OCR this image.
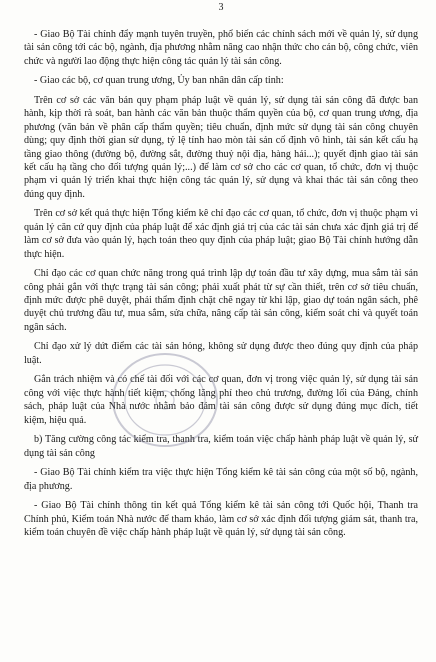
3

- Giao Bộ Tài chính đẩy mạnh tuyên truyền, phổ biến các chính sách mới về quản lý, sử dụng tài sản công tới các bộ, ngành, địa phương nhằm nâng cao nhận thức cho cán bộ, công chức, viên chức và người lao động thực hiện công tác quản lý tài sản công.

- Giao các bộ, cơ quan trung ương, Ủy ban nhân dân cấp tỉnh:

Trên cơ sở các văn bản quy phạm pháp luật về quản lý, sử dụng tài sản công đã được ban hành, kịp thời rà soát, ban hành các văn bản thuộc thẩm quyền của bộ, cơ quan trung ương, địa phương (văn bản về phân cấp thẩm quyền; tiêu chuẩn, định mức sử dụng tài sản công chuyên dùng; quy định thời gian sử dụng, tỷ lệ tính hao mòn tài sản cố định vô hình, tài sản kết cấu hạ tầng giao thông (đường bộ, đường sắt, đường thuỷ nội địa, hàng hải...); quyết định giao tài sản kết cấu hạ tầng cho đối tượng quản lý;...) để làm cơ sở cho các cơ quan, tổ chức, đơn vị thuộc phạm vi quản lý triển khai thực hiện công tác quản lý, sử dụng và khai thác tài sản công theo đúng quy định.

Trên cơ sở kết quả thực hiện Tổng kiểm kê chỉ đạo các cơ quan, tổ chức, đơn vị thuộc phạm vi quản lý căn cứ quy định của pháp luật để xác định giá trị của các tài sản chưa xác định giá trị để làm cơ sở đưa vào quản lý, hạch toán theo quy định của pháp luật; giao Bộ Tài chính hướng dẫn thực hiện.

Chỉ đạo các cơ quan chức năng trong quá trình lập dự toán đầu tư xây dựng, mua sắm tài sản công phải gắn với thực trạng tài sản công; phải xuất phát từ sự cần thiết, trên cơ sở tiêu chuẩn, định mức được phê duyệt, phải thẩm định chặt chẽ ngay từ khi lập, giao dự toán ngân sách, phê duyệt chủ trương đầu tư, mua sắm, sửa chữa, nâng cấp tài sản công, kiểm soát chi và quyết toán ngân sách.

Chỉ đạo xử lý dứt điểm các tài sản hỏng, không sử dụng được theo đúng quy định của pháp luật.

Gắn trách nhiệm và có chế tài đối với các cơ quan, đơn vị trong việc quản lý, sử dụng tài sản công với việc thực hành tiết kiệm, chống lãng phí theo chủ trương, đường lối của Đảng, chính sách, pháp luật của Nhà nước nhằm bảo đảm tài sản công được sử dụng đúng mục đích, tiết kiệm, hiệu quả.

b) Tăng cường công tác kiểm tra, thanh tra, kiểm toán việc chấp hành pháp luật về quản lý, sử dụng tài sản công

- Giao Bộ Tài chính kiểm tra việc thực hiện Tổng kiểm kê tài sản công của một số bộ, ngành, địa phương.

- Giao Bộ Tài chính thông tin kết quả Tổng kiểm kê tài sản công tới Quốc hội, Thanh tra Chính phủ, Kiểm toán Nhà nước để tham khảo, làm cơ sở xác định đối tượng giám sát, thanh tra, kiểm toán chuyên đề việc chấp hành pháp luật về quản lý, sử dụng tài sản công.
